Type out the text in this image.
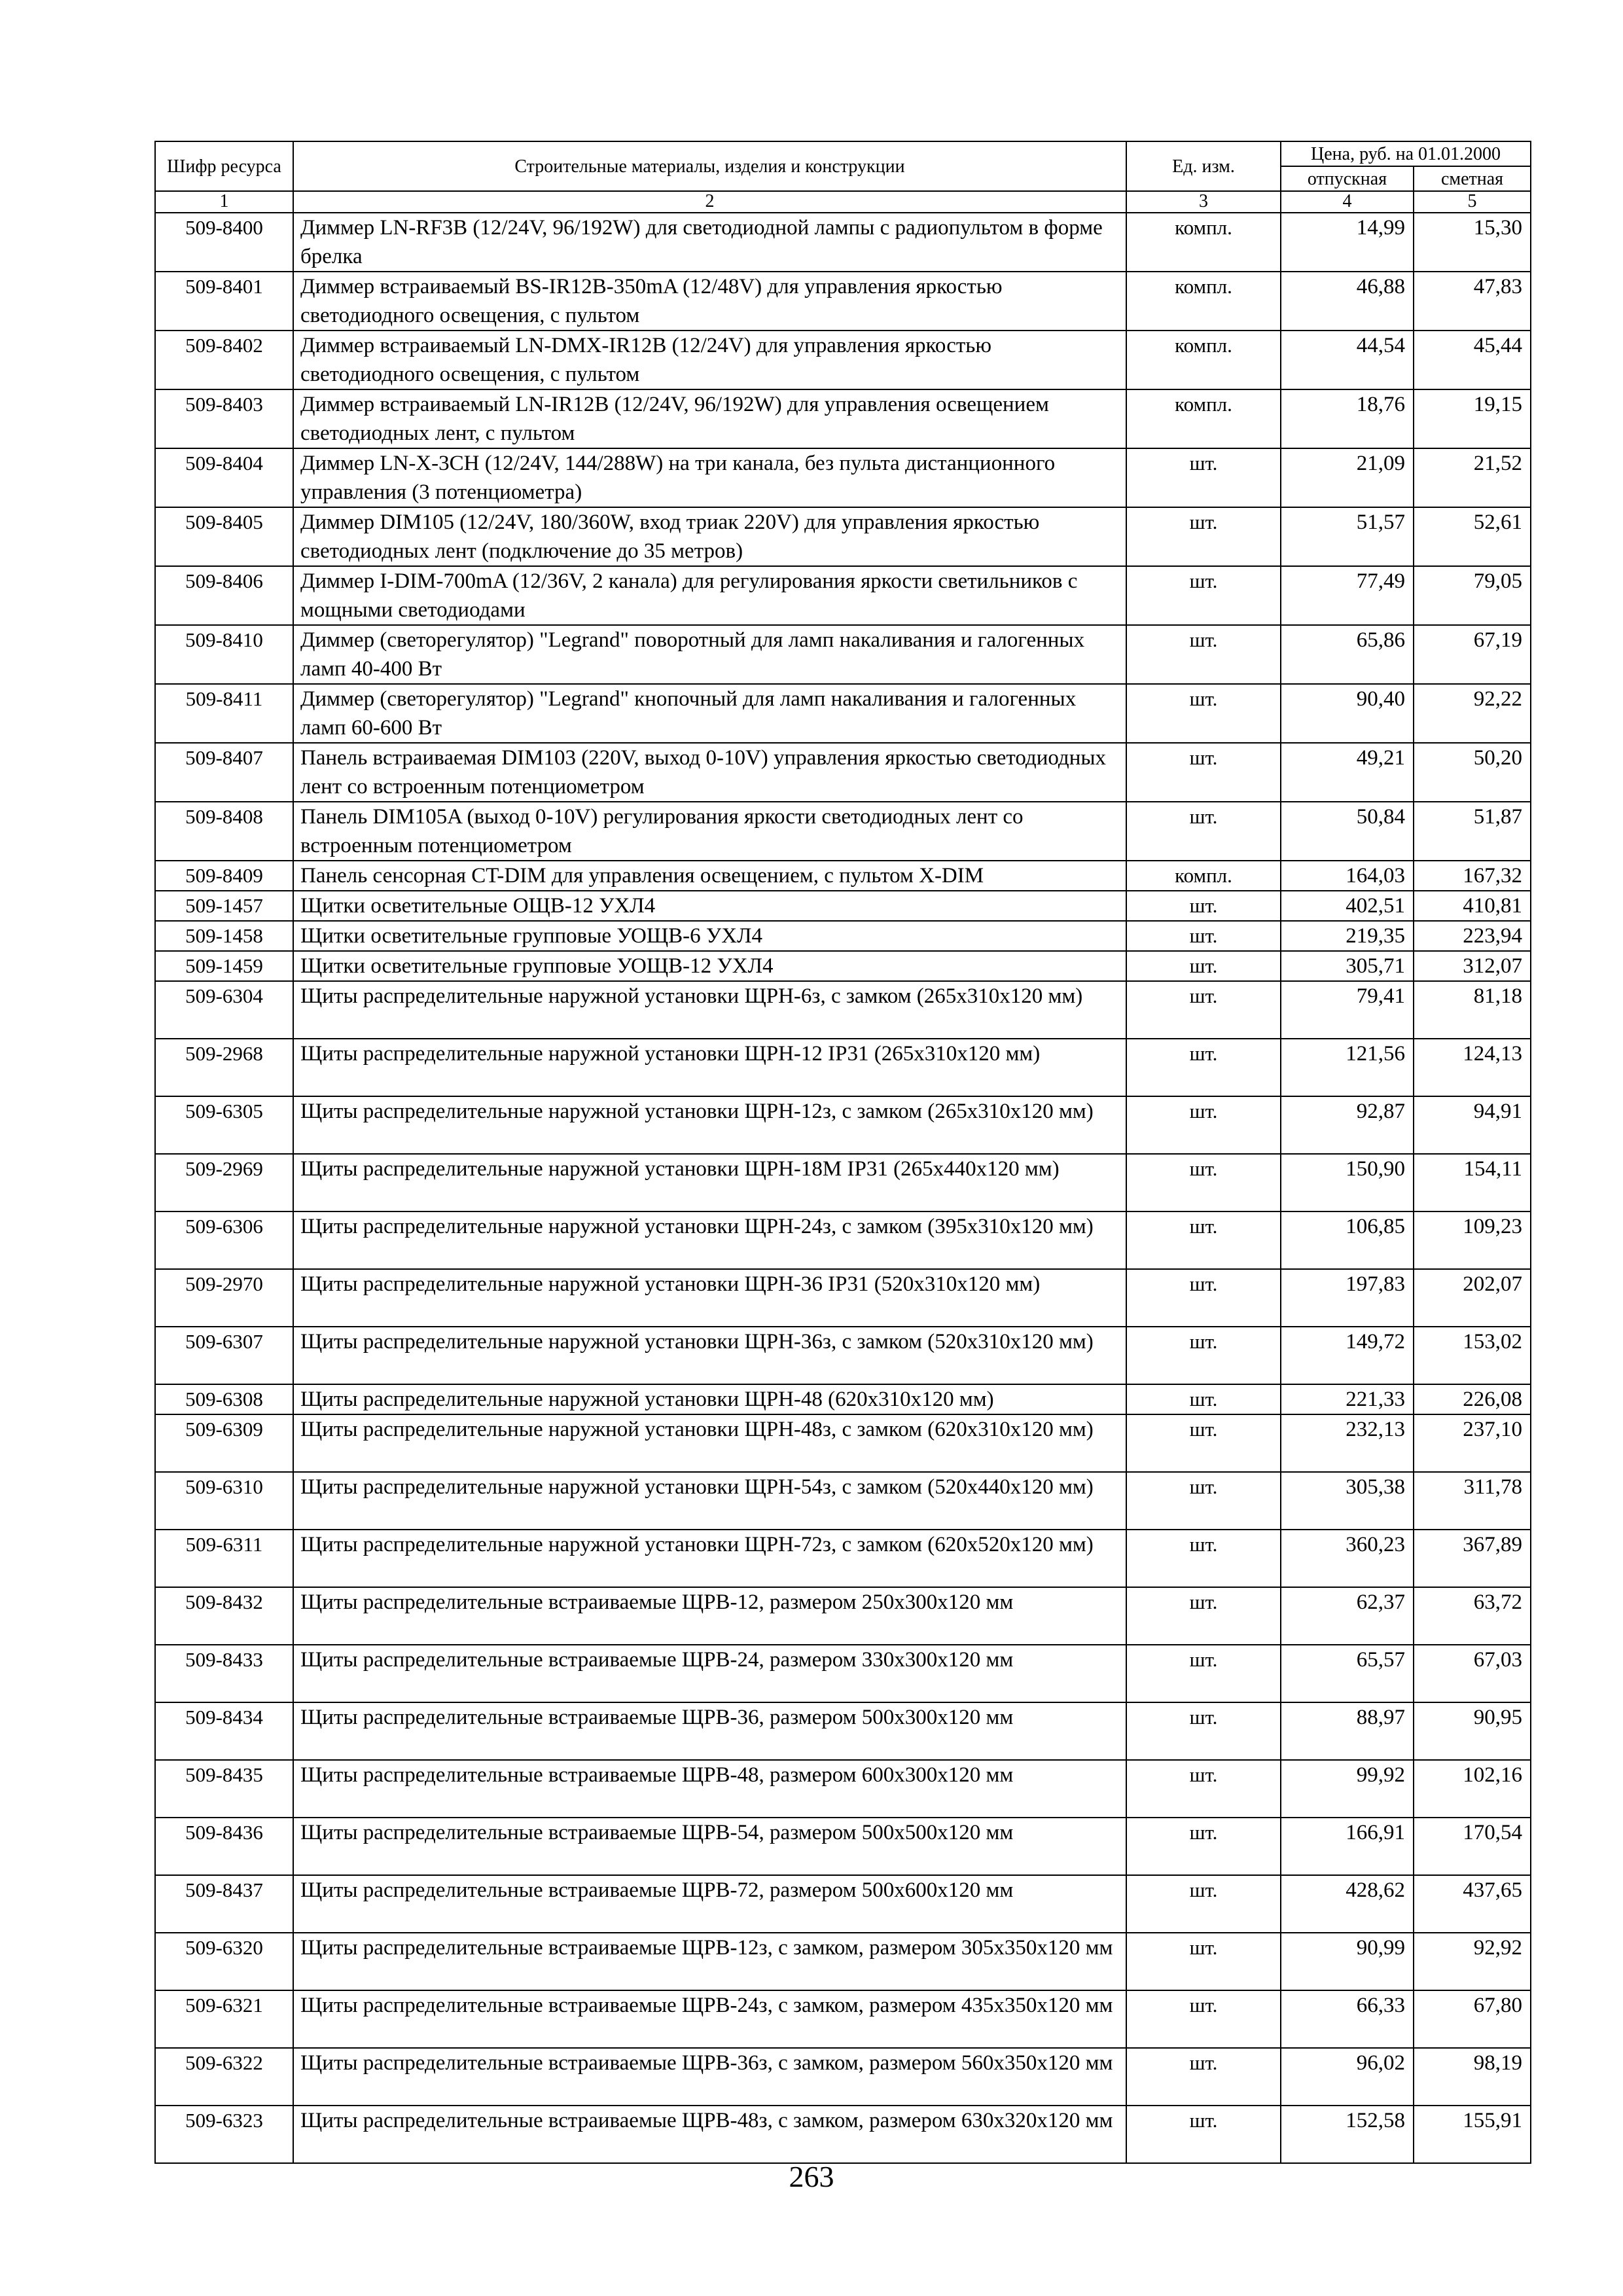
Шифр ресурса	Строительные материалы, изделия и конструкции	Ед. изм.	Цена, руб. на 01.01.2000	
			отпускная	сметная
1	2	3	4	5
509-8400	Диммер LN-RF3B (12/24V, 96/192W) для светодиодной лампы с радиопультом в форме брелка	компл.	14,99	15,30
509-8401	Диммер встраиваемый BS-IR12B-350mA (12/48V) для управления яркостью светодиодного освещения, с пультом	компл.	46,88	47,83
509-8402	Диммер встраиваемый LN-DMX-IR12B (12/24V) для управления яркостью светодиодного освещения, с пультом	компл.	44,54	45,44
509-8403	Диммер встраиваемый LN-IR12B (12/24V, 96/192W) для управления освещением светодиодных лент, с пультом	компл.	18,76	19,15
509-8404	Диммер LN-X-3CH (12/24V, 144/288W) на три канала, без пульта дистанционного управления (3 потенциометра)	шт.	21,09	21,52
509-8405	Диммер DIM105 (12/24V, 180/360W, вход триак 220V) для управления яркостью светодиодных лент (подключение до 35 метров)	шт.	51,57	52,61
509-8406	Диммер I-DIM-700mA (12/36V, 2 канала) для регулирования яркости светильников с мощными светодиодами	шт.	77,49	79,05
509-8410	Диммер (светорегулятор) "Legrand" поворотный для ламп накаливания и галогенных ламп 40-400 Вт	шт.	65,86	67,19
509-8411	Диммер (светорегулятор) "Legrand" кнопочный для ламп накаливания и галогенных ламп 60-600 Вт	шт.	90,40	92,22
509-8407	Панель встраиваемая DIM103 (220V, выход 0-10V) управления яркостью светодиодных лент со встроенным потенциометром	шт.	49,21	50,20
509-8408	Панель DIM105A (выход 0-10V) регулирования яркости светодиодных лент со встроенным потенциометром	шт.	50,84	51,87
509-8409	Панель сенсорная CT-DIM для управления освещением, с пультом X-DIM	компл.	164,03	167,32
509-1457	Щитки осветительные ОЩВ-12 УХЛ4	шт.	402,51	410,81
509-1458	Щитки осветительные групповые УОЩВ-6 УХЛ4	шт.	219,35	223,94
509-1459	Щитки осветительные групповые УОЩВ-12 УХЛ4	шт.	305,71	312,07
509-6304	Щиты распределительные наружной установки ЩРН-6з, с замком (265x310x120 мм)	шт.	79,41	81,18
509-2968	Щиты распределительные наружной установки ЩРН-12 IP31 (265x310x120 мм)	шт.	121,56	124,13
509-6305	Щиты распределительные наружной установки ЩРН-12з, с замком (265x310x120 мм)	шт.	92,87	94,91
509-2969	Щиты распределительные наружной установки ЩРН-18М IP31 (265x440x120 мм)	шт.	150,90	154,11
509-6306	Щиты распределительные наружной установки ЩРН-24з, с замком (395x310x120 мм)	шт.	106,85	109,23
509-2970	Щиты распределительные наружной установки ЩРН-36 IP31 (520x310x120 мм)	шт.	197,83	202,07
509-6307	Щиты распределительные наружной установки ЩРН-36з, с замком (520x310x120 мм)	шт.	149,72	153,02
509-6308	Щиты распределительные наружной установки ЩРН-48 (620x310x120 мм)	шт.	221,33	226,08
509-6309	Щиты распределительные наружной установки ЩРН-48з, с замком (620x310x120 мм)	шт.	232,13	237,10
509-6310	Щиты распределительные наружной установки ЩРН-54з, с замком (520x440x120 мм)	шт.	305,38	311,78
509-6311	Щиты распределительные наружной установки ЩРН-72з, с замком (620x520x120 мм)	шт.	360,23	367,89
509-8432	Щиты распределительные встраиваемые ЩРВ-12, размером 250x300x120 мм	шт.	62,37	63,72
509-8433	Щиты распределительные встраиваемые ЩРВ-24, размером 330x300x120 мм	шт.	65,57	67,03
509-8434	Щиты распределительные встраиваемые ЩРВ-36, размером 500x300x120 мм	шт.	88,97	90,95
509-8435	Щиты распределительные встраиваемые ЩРВ-48, размером 600x300x120 мм	шт.	99,92	102,16
509-8436	Щиты распределительные встраиваемые ЩРВ-54, размером 500x500x120 мм	шт.	166,91	170,54
509-8437	Щиты распределительные встраиваемые ЩРВ-72, размером 500x600x120 мм	шт.	428,62	437,65
509-6320	Щиты распределительные встраиваемые ЩРВ-12з, с замком, размером 305x350x120 мм	шт.	90,99	92,92
509-6321	Щиты распределительные встраиваемые ЩРВ-24з, с замком, размером 435x350x120 мм	шт.	66,33	67,80
509-6322	Щиты распределительные встраиваемые ЩРВ-36з, с замком, размером 560x350x120 мм	шт.	96,02	98,19
509-6323	Щиты распределительные встраиваемые ЩРВ-48з, с замком, размером 630x320x120 мм	шт.	152,58	155,91
263
